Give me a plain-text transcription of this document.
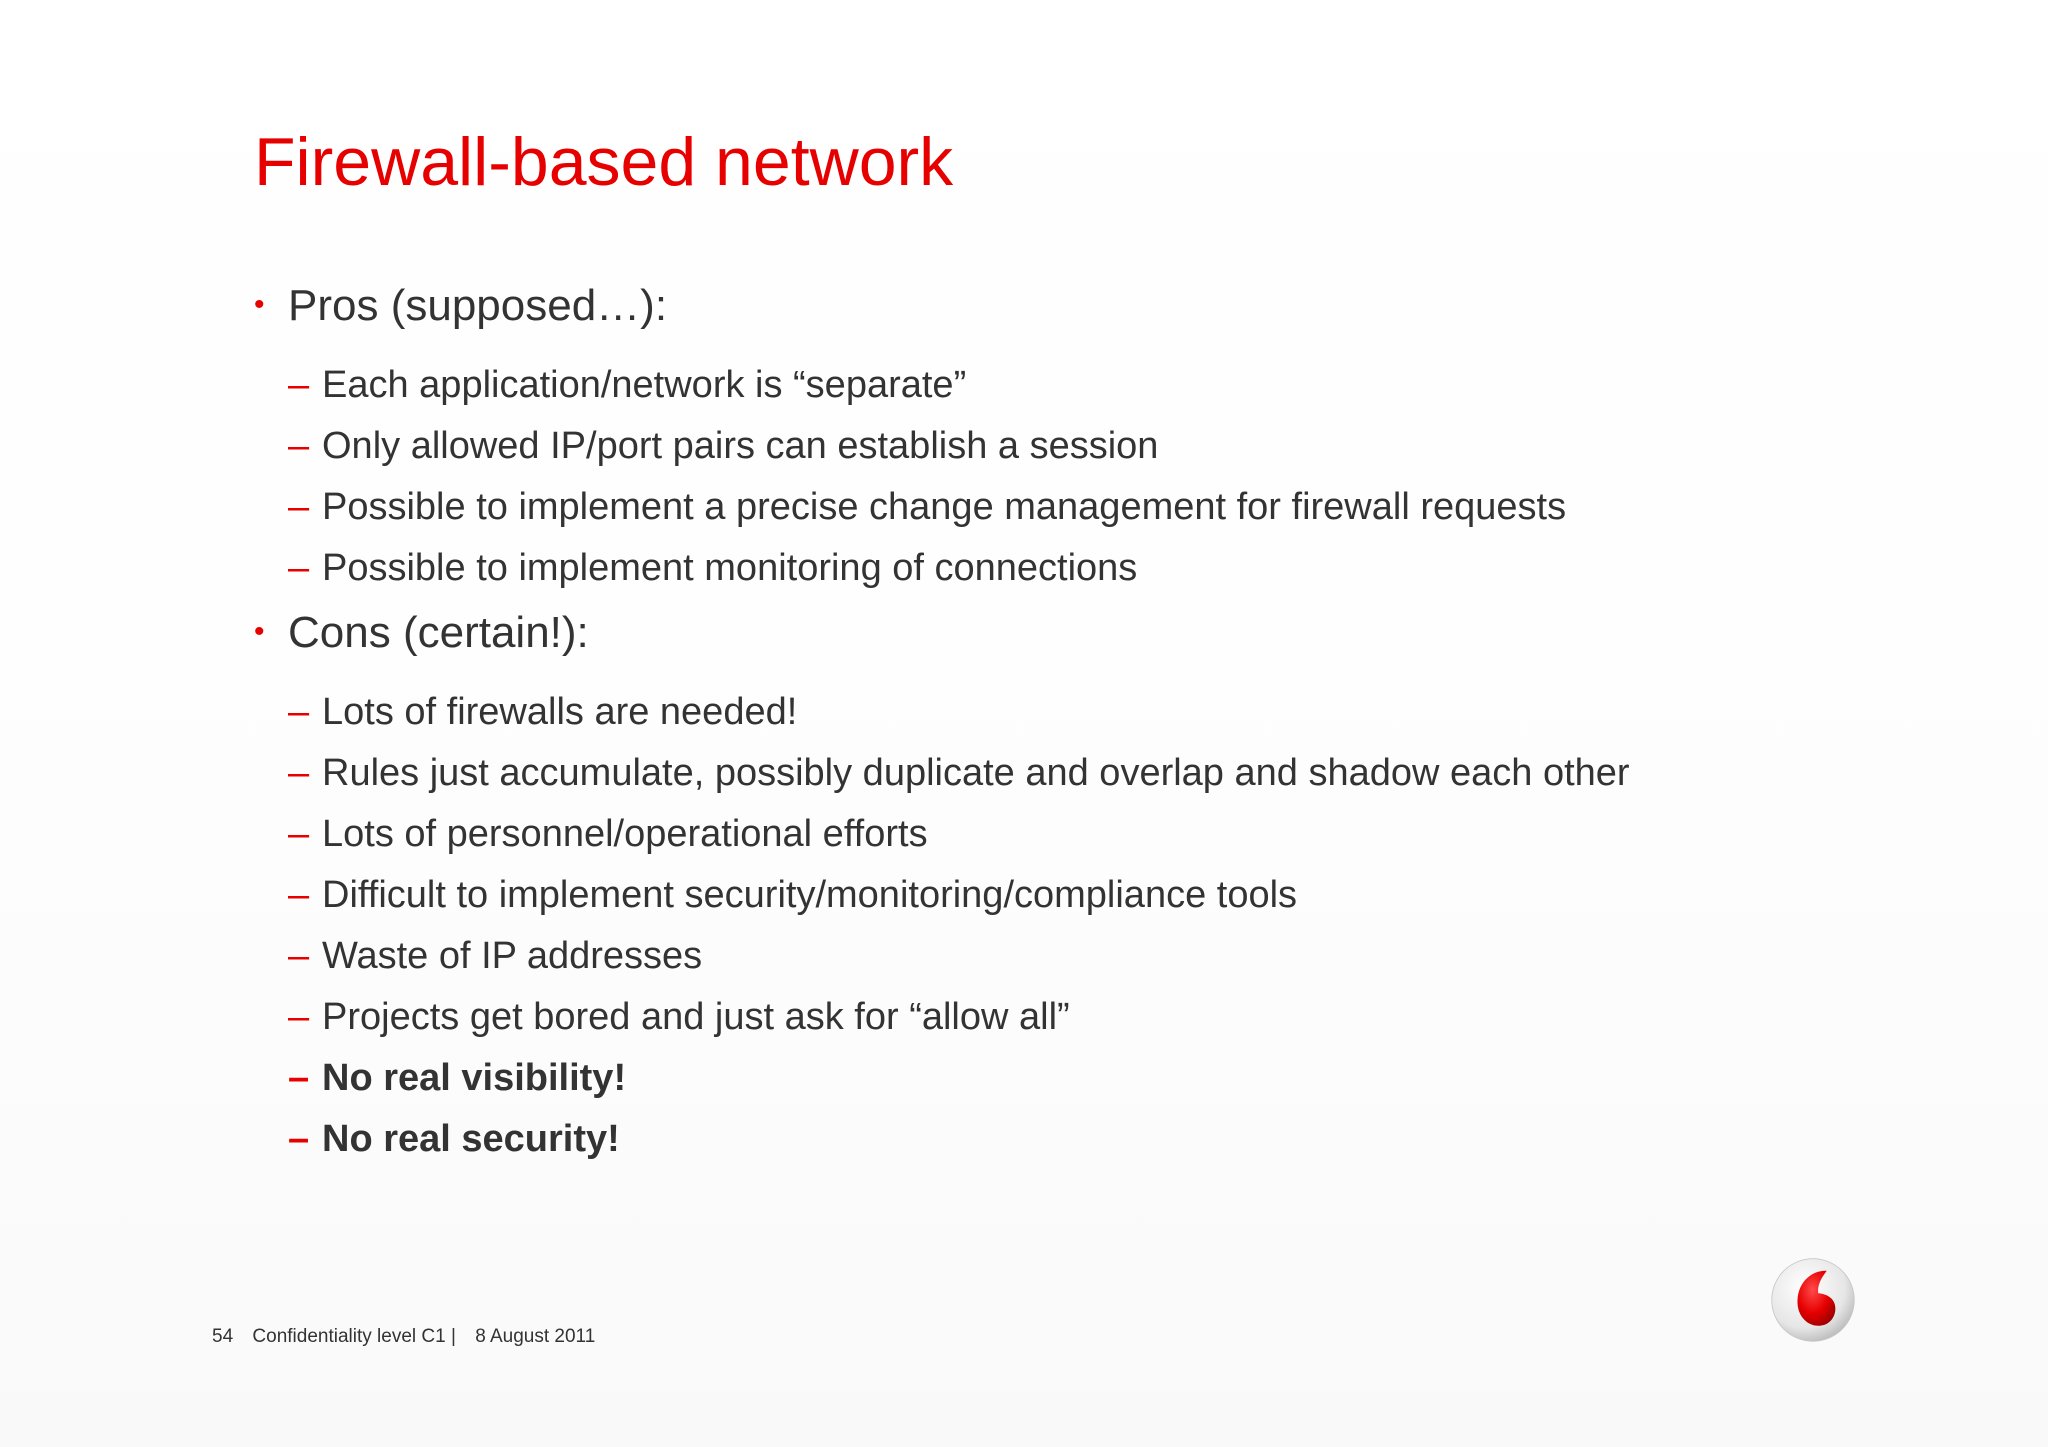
Firewall-based network
• Pros (supposed…):
– Each application/network is “separate”
– Only allowed IP/port pairs can establish a session
– Possible to implement a precise change management for firewall requests
– Possible to implement monitoring of connections
• Cons (certain!):
– Lots of firewalls are needed!
– Rules just accumulate, possibly duplicate and overlap and shadow each other
– Lots of personnel/operational efforts
– Difficult to implement security/monitoring/compliance tools
– Waste of IP addresses
– Projects get bored and just ask for “allow all”
– No real visibility!
– No real security!
54 Confidentiality level C1 | 8 August 2011
